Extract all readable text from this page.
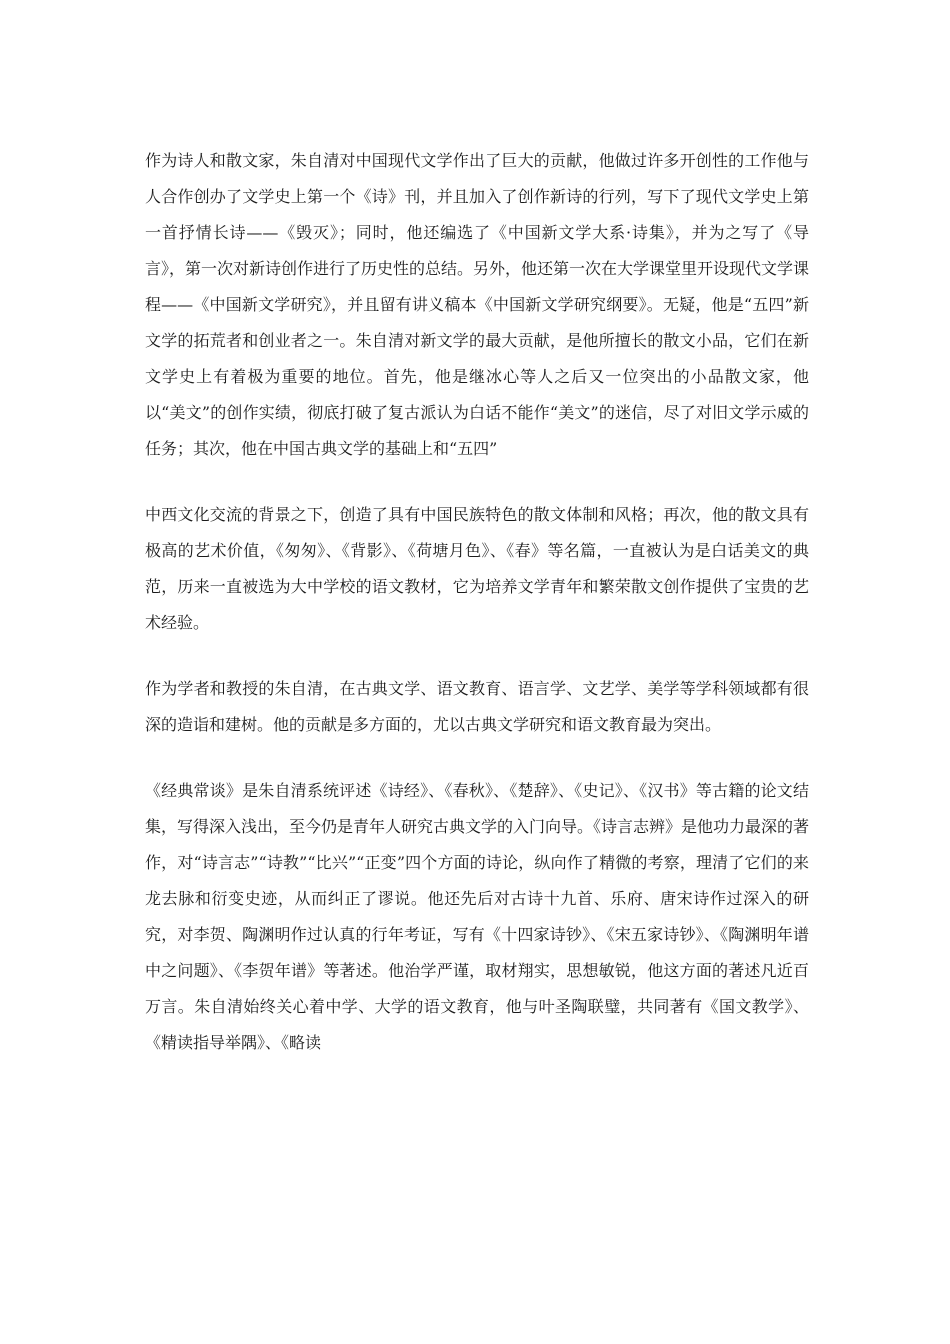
作为诗人和散文家，朱自清对中国现代文学作出了巨大的贡献，他做过许多开创性的工作他与人合作创办了文学史上第一个《诗》刊，并且加入了创作新诗的行列，写下了现代文学史上第一首抒情长诗——《毁灭》；同时，他还编选了《中国新文学大系·诗集》，并为之写了《导言》，第一次对新诗创作进行了历史性的总结。另外，他还第一次在大学课堂里开设现代文学课程——《中国新文学研究》，并且留有讲义稿本《中国新文学研究纲要》。无疑，他是“五四”新文学的拓荒者和创业者之一。朱自清对新文学的最大贡献，是他所擅长的散文小品，它们在新文学史上有着极为重要的地位。首先，他是继冰心等人之后又一位突出的小品散文家，他以“美文”的创作实绩，彻底打破了复古派认为白话不能作“美文”的迷信，尽了对旧文学示威的任务；其次，他在中国古典文学的基础上和“五四”

中西文化交流的背景之下，创造了具有中国民族特色的散文体制和风格；再次，他的散文具有极高的艺术价值，《匆匆》、《背影》、《荷塘月色》、《春》等名篇，一直被认为是白话美文的典范，历来一直被选为大中学校的语文教材，它为培养文学青年和繁荣散文创作提供了宝贵的艺术经验。

作为学者和教授的朱自清，在古典文学、语文教育、语言学、文艺学、美学等学科领域都有很深的造诣和建树。他的贡献是多方面的，尤以古典文学研究和语文教育最为突出。

《经典常谈》是朱自清系统评述《诗经》、《春秋》、《楚辞》、《史记》、《汉书》等古籍的论文结集，写得深入浅出，至今仍是青年人研究古典文学的入门向导。《诗言志辨》是他功力最深的著作，对“诗言志”“诗教”“比兴”“正变”四个方面的诗论，纵向作了精微的考察，理清了它们的来龙去脉和衍变史迹，从而纠正了谬说。他还先后对古诗十九首、乐府、唐宋诗作过深入的研究，对李贺、陶渊明作过认真的行年考证，写有《十四家诗钞》、《宋五家诗钞》、《陶渊明年谱中之问题》、《李贺年谱》等著述。他治学严谨，取材翔实，思想敏锐，他这方面的著述凡近百万言。朱自清始终关心着中学、大学的语文教育，他与叶圣陶联璧，共同著有《国文教学》、《精读指导举隅》、《略读
